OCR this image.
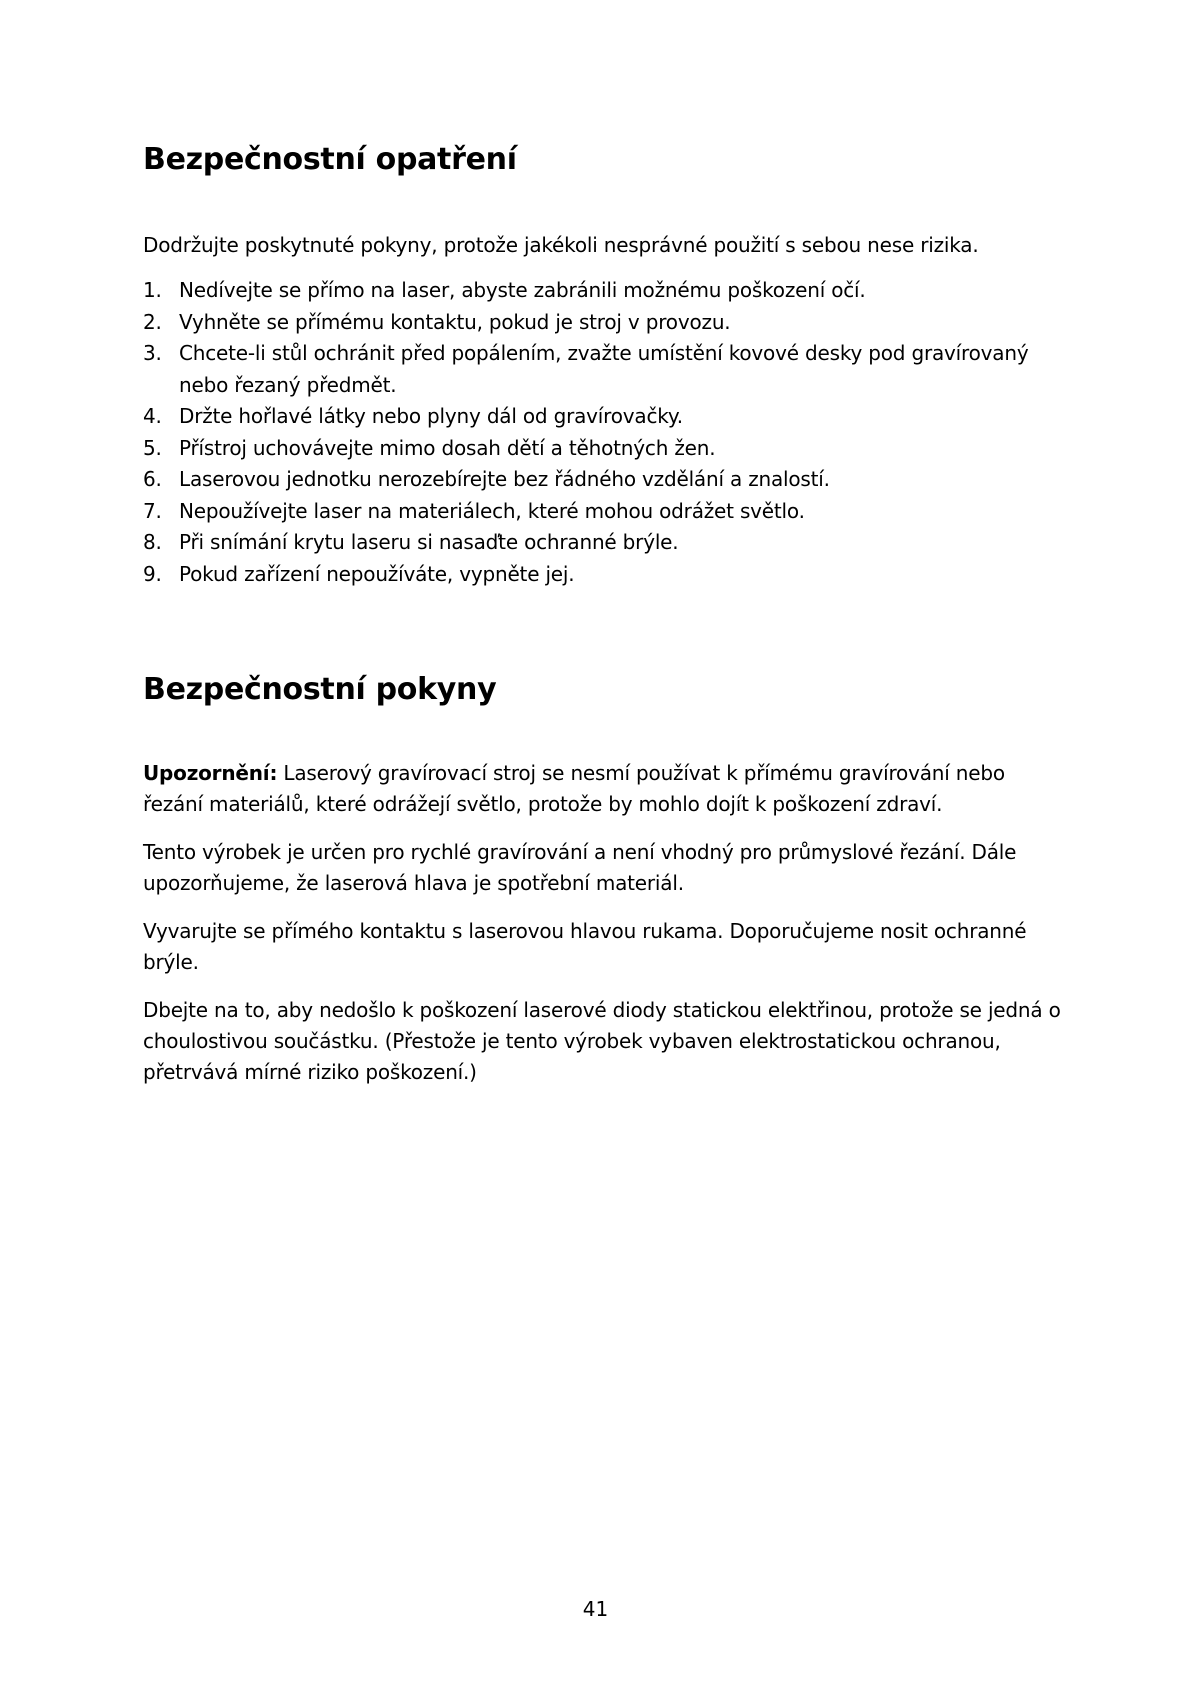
Bezpečnostní opatření

Dodržujte poskytnuté pokyny, protože jakékoli nesprávné použití s sebou nese rizika.

1. Nedívejte se přímo na laser, abyste zabránili možnému poškození očí.
2. Vyhněte se přímému kontaktu, pokud je stroj v provozu.
3. Chcete-li stůl ochránit před popálením, zvažte umístění kovové desky pod gravírovaný nebo řezaný předmět.
4. Držte hořlavé látky nebo plyny dál od gravírovačky.
5. Přístroj uchovávejte mimo dosah dětí a těhotných žen.
6. Laserovou jednotku nerozebírejte bez řádného vzdělání a znalostí.
7. Nepoužívejte laser na materiálech, které mohou odrážet světlo.
8. Při snímání krytu laseru si nasaďte ochranné brýle.
9. Pokud zařízení nepoužíváte, vypněte jej.
Bezpečnostní pokyny

Upozornění: Laserový gravírovací stroj se nesmí používat k přímému gravírování nebo řezání materiálů, které odrážejí světlo, protože by mohlo dojít k poškození zdraví.

Tento výrobek je určen pro rychlé gravírování a není vhodný pro průmyslové řezání. Dále upozorňujeme, že laserová hlava je spotřební materiál.

Vyvarujte se přímého kontaktu s laserovou hlavou rukama. Doporučujeme nosit ochranné brýle.

Dbejte na to, aby nedošlo k poškození laserové diody statickou elektřinou, protože se jedná o choulostivou součástku. (Přestože je tento výrobek vybaven elektrostatickou ochranou, přetrvává mírné riziko poškození.)

41
